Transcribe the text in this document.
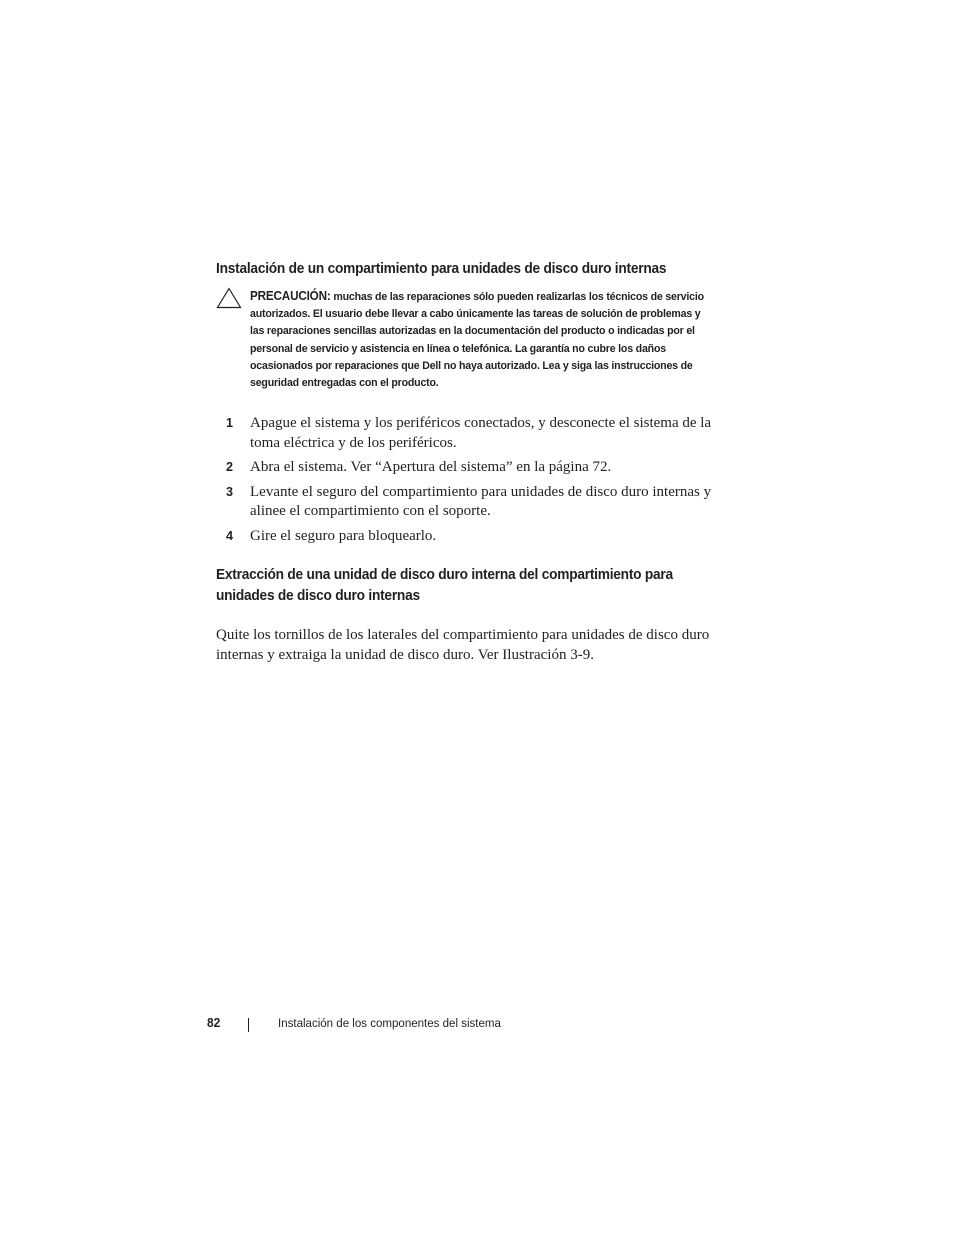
Instalación de un compartimiento para unidades de disco duro internas
PRECAUCIÓN: muchas de las reparaciones sólo pueden realizarlas los técnicos de servicio autorizados. El usuario debe llevar a cabo únicamente las tareas de solución de problemas y las reparaciones sencillas autorizadas en la documentación del producto o indicadas por el personal de servicio y asistencia en línea o telefónica. La garantía no cubre los daños ocasionados por reparaciones que Dell no haya autorizado. Lea y siga las instrucciones de seguridad entregadas con el producto.
1 Apague el sistema y los periféricos conectados, y desconecte el sistema de la toma eléctrica y de los periféricos.
2 Abra el sistema. Ver “Apertura del sistema” en la página 72.
3 Levante el seguro del compartimiento para unidades de disco duro internas y alinee el compartimiento con el soporte.
4 Gire el seguro para bloquearlo.
Extracción de una unidad de disco duro interna del compartimiento para unidades de disco duro internas

Quite los tornillos de los laterales del compartimiento para unidades de disco duro internas y extraiga la unidad de disco duro. Ver Ilustración 3-9.

82	Instalación de los componentes del sistema
